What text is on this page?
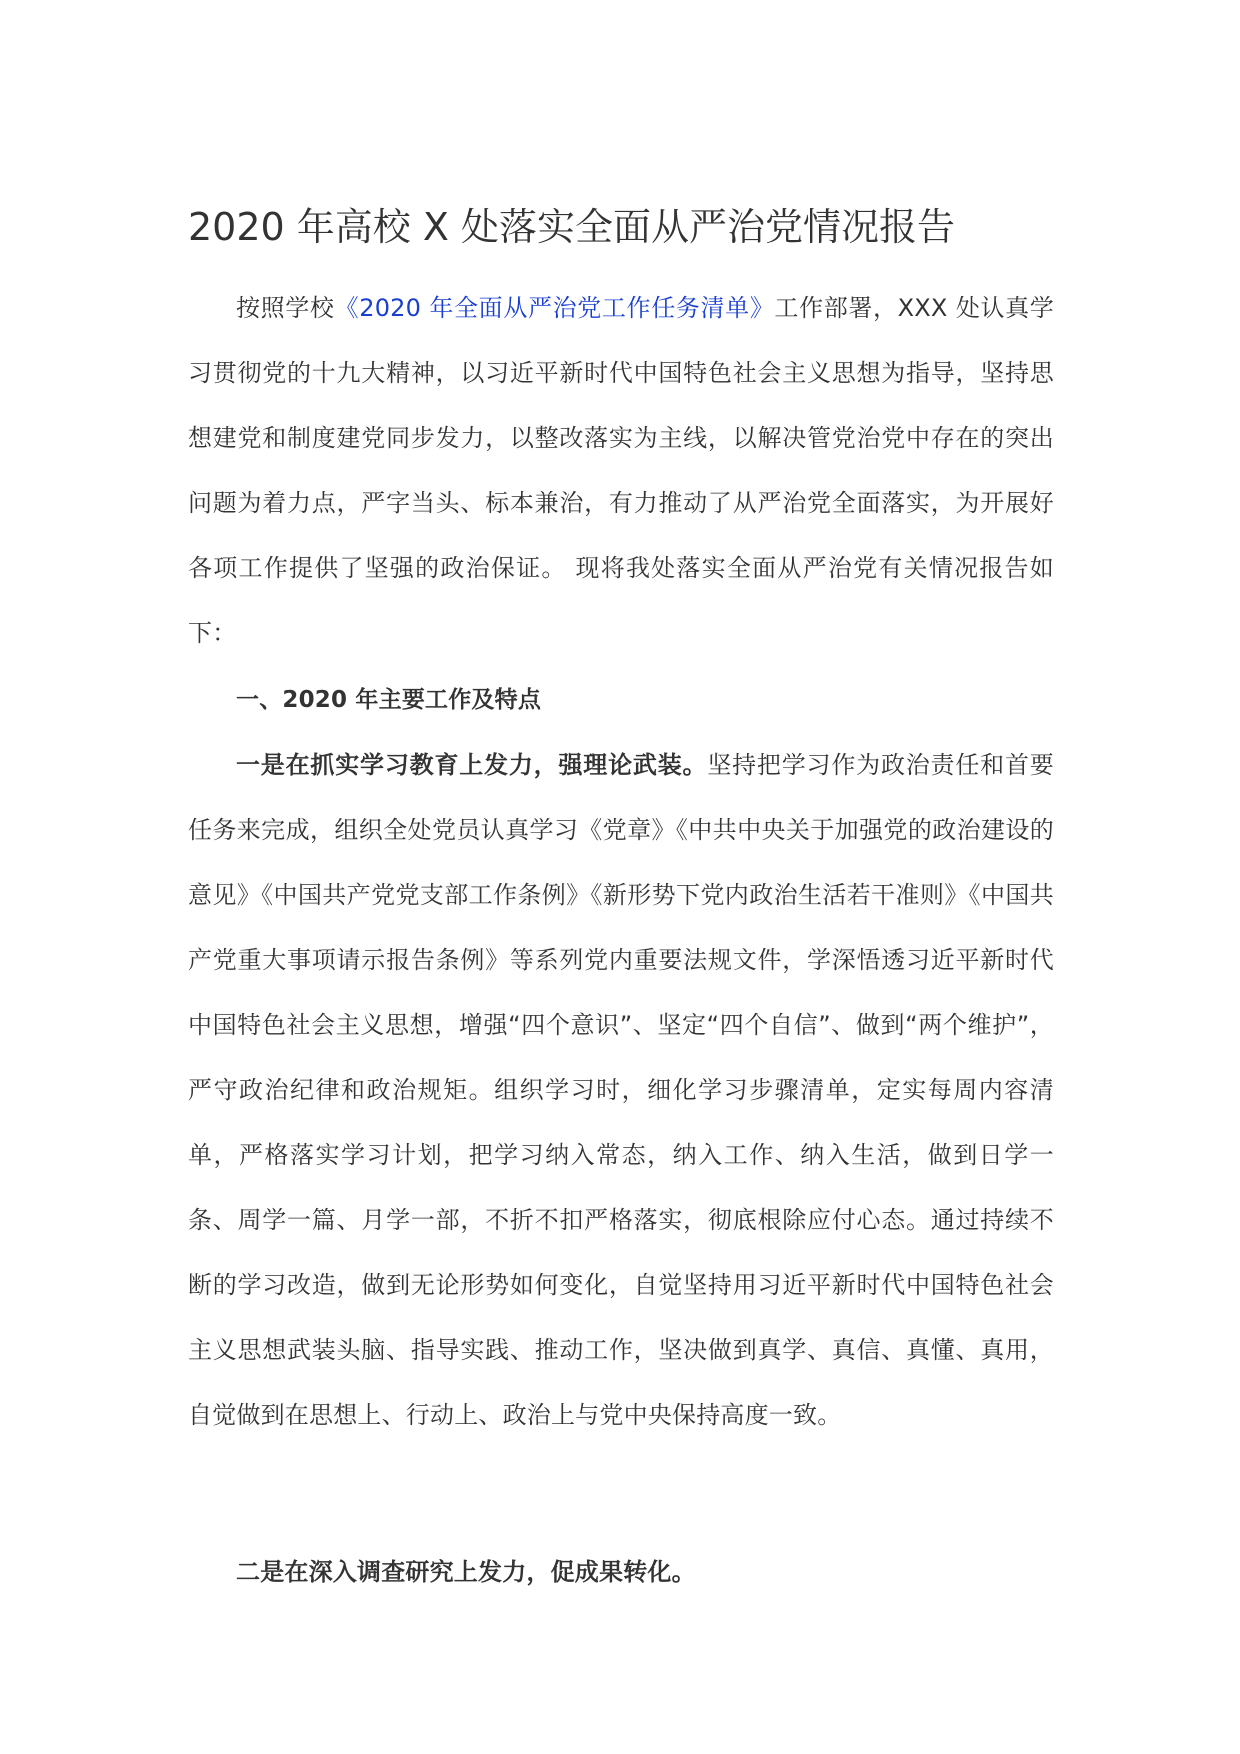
2020 年高校 X 处落实全面从严治党情况报告

按照学校《2020 年全面从严治党工作任务清单》工作部署，XXX 处认真学习贯彻党的十九大精神，以习近平新时代中国特色社会主义思想为指导，坚持思想建党和制度建党同步发力，以整改落实为主线，以解决管党治党中存在的突出问题为着力点，严字当头、标本兼治，有力推动了从严治党全面落实，为开展好各项工作提供了坚强的政治保证。 现将我处落实全面从严治党有关情况报告如下：

一、2020 年主要工作及特点

一是在抓实学习教育上发力，强理论武装。坚持把学习作为政治责任和首要任务来完成，组织全处党员认真学习《党章》《中共中央关于加强党的政治建设的意见》《中国共产党党支部工作条例》《新形势下党内政治生活若干准则》《中国共产党重大事项请示报告条例》等系列党内重要法规文件，学深悟透习近平新时代中国特色社会主义思想，增强“四个意识”、坚定“四个自信”、做到“两个维护”，严守政治纪律和政治规矩。组织学习时，细化学习步骤清单，定实每周内容清单，严格落实学习计划，把学习纳入常态，纳入工作、纳入生活，做到日学一条、周学一篇、月学一部，不折不扣严格落实，彻底根除应付心态。通过持续不断的学习改造，做到无论形势如何变化，自觉坚持用习近平新时代中国特色社会主义思想武装头脑、指导实践、推动工作，坚决做到真学、真信、真懂、真用，自觉做到在思想上、行动上、政治上与党中央保持高度一致。

二是在深入调查研究上发力，促成果转化。
